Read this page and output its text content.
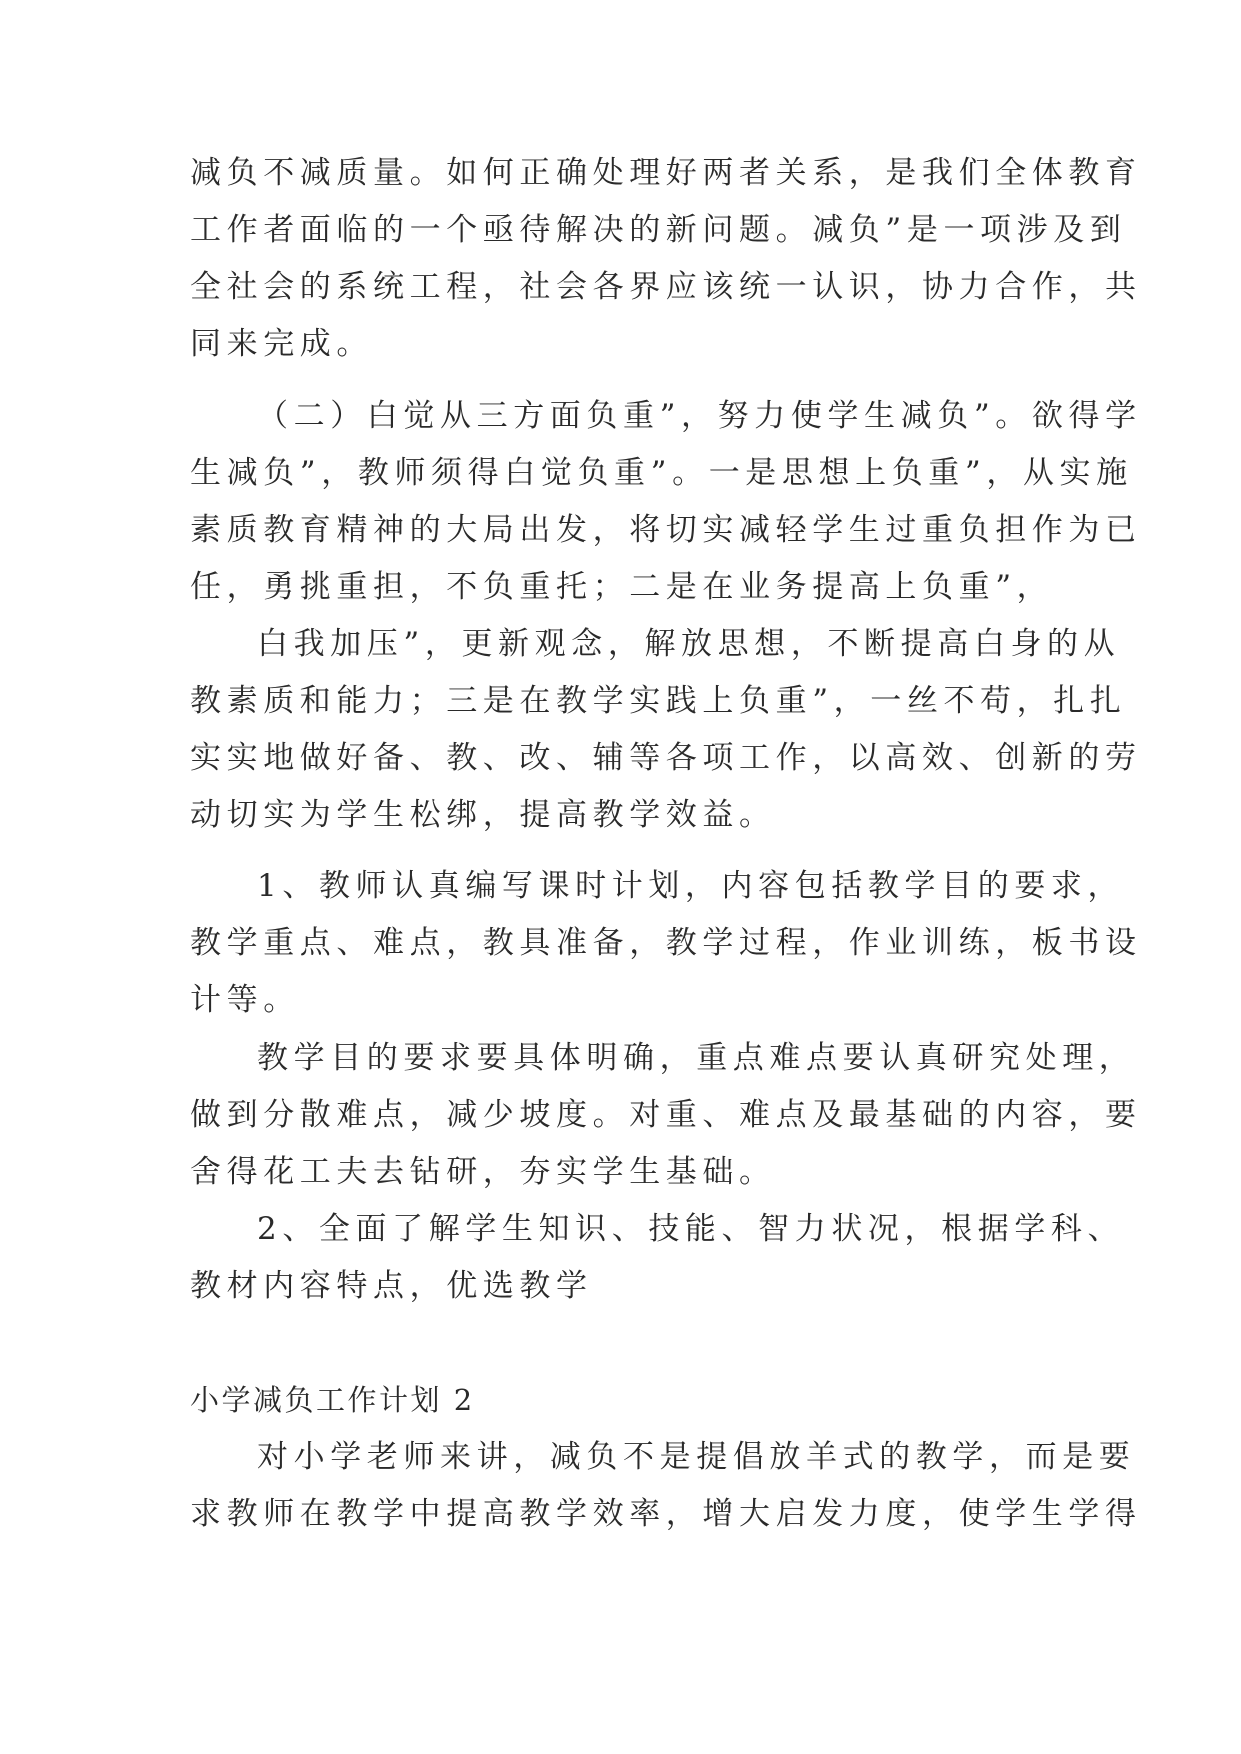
减负不减质量。如何正确处理好两者关系，是我们全体教育
工作者面临的一个亟待解决的新问题。减负”是一项涉及到
全社会的系统工程，社会各界应该统一认识，协力合作，共
同来完成。
（二）白觉从三方面负重”，努力使学生减负”。欲得学
生减负”，教师须得白觉负重”。一是思想上负重”，从实施
素质教育精神的大局出发，将切实减轻学生过重负担作为已
任，勇挑重担，不负重托；二是在业务提高上负重”，
白我加压”，更新观念，解放思想，不断提高白身的从
教素质和能力；三是在教学实践上负重”，一丝不苟，扎扎
实实地做好备、教、改、辅等各项工作，以高效、创新的劳
动切实为学生松绑，提高教学效益。
1、教师认真编写课时计划，内容包括教学目的要求，
教学重点、难点，教具准备，教学过程，作业训练，板书设
计等。
教学目的要求要具体明确，重点难点要认真研究处理，
做到分散难点，减少坡度。对重、难点及最基础的内容，要
舍得花工夫去钻研，夯实学生基础。
2、全面了解学生知识、技能、智力状况，根据学科、
教材内容特点，优选教学
小学减负工作计划 2
对小学老师来讲，减负不是提倡放羊式的教学，而是要
求教师在教学中提高教学效率，增大启发力度，使学生学得
